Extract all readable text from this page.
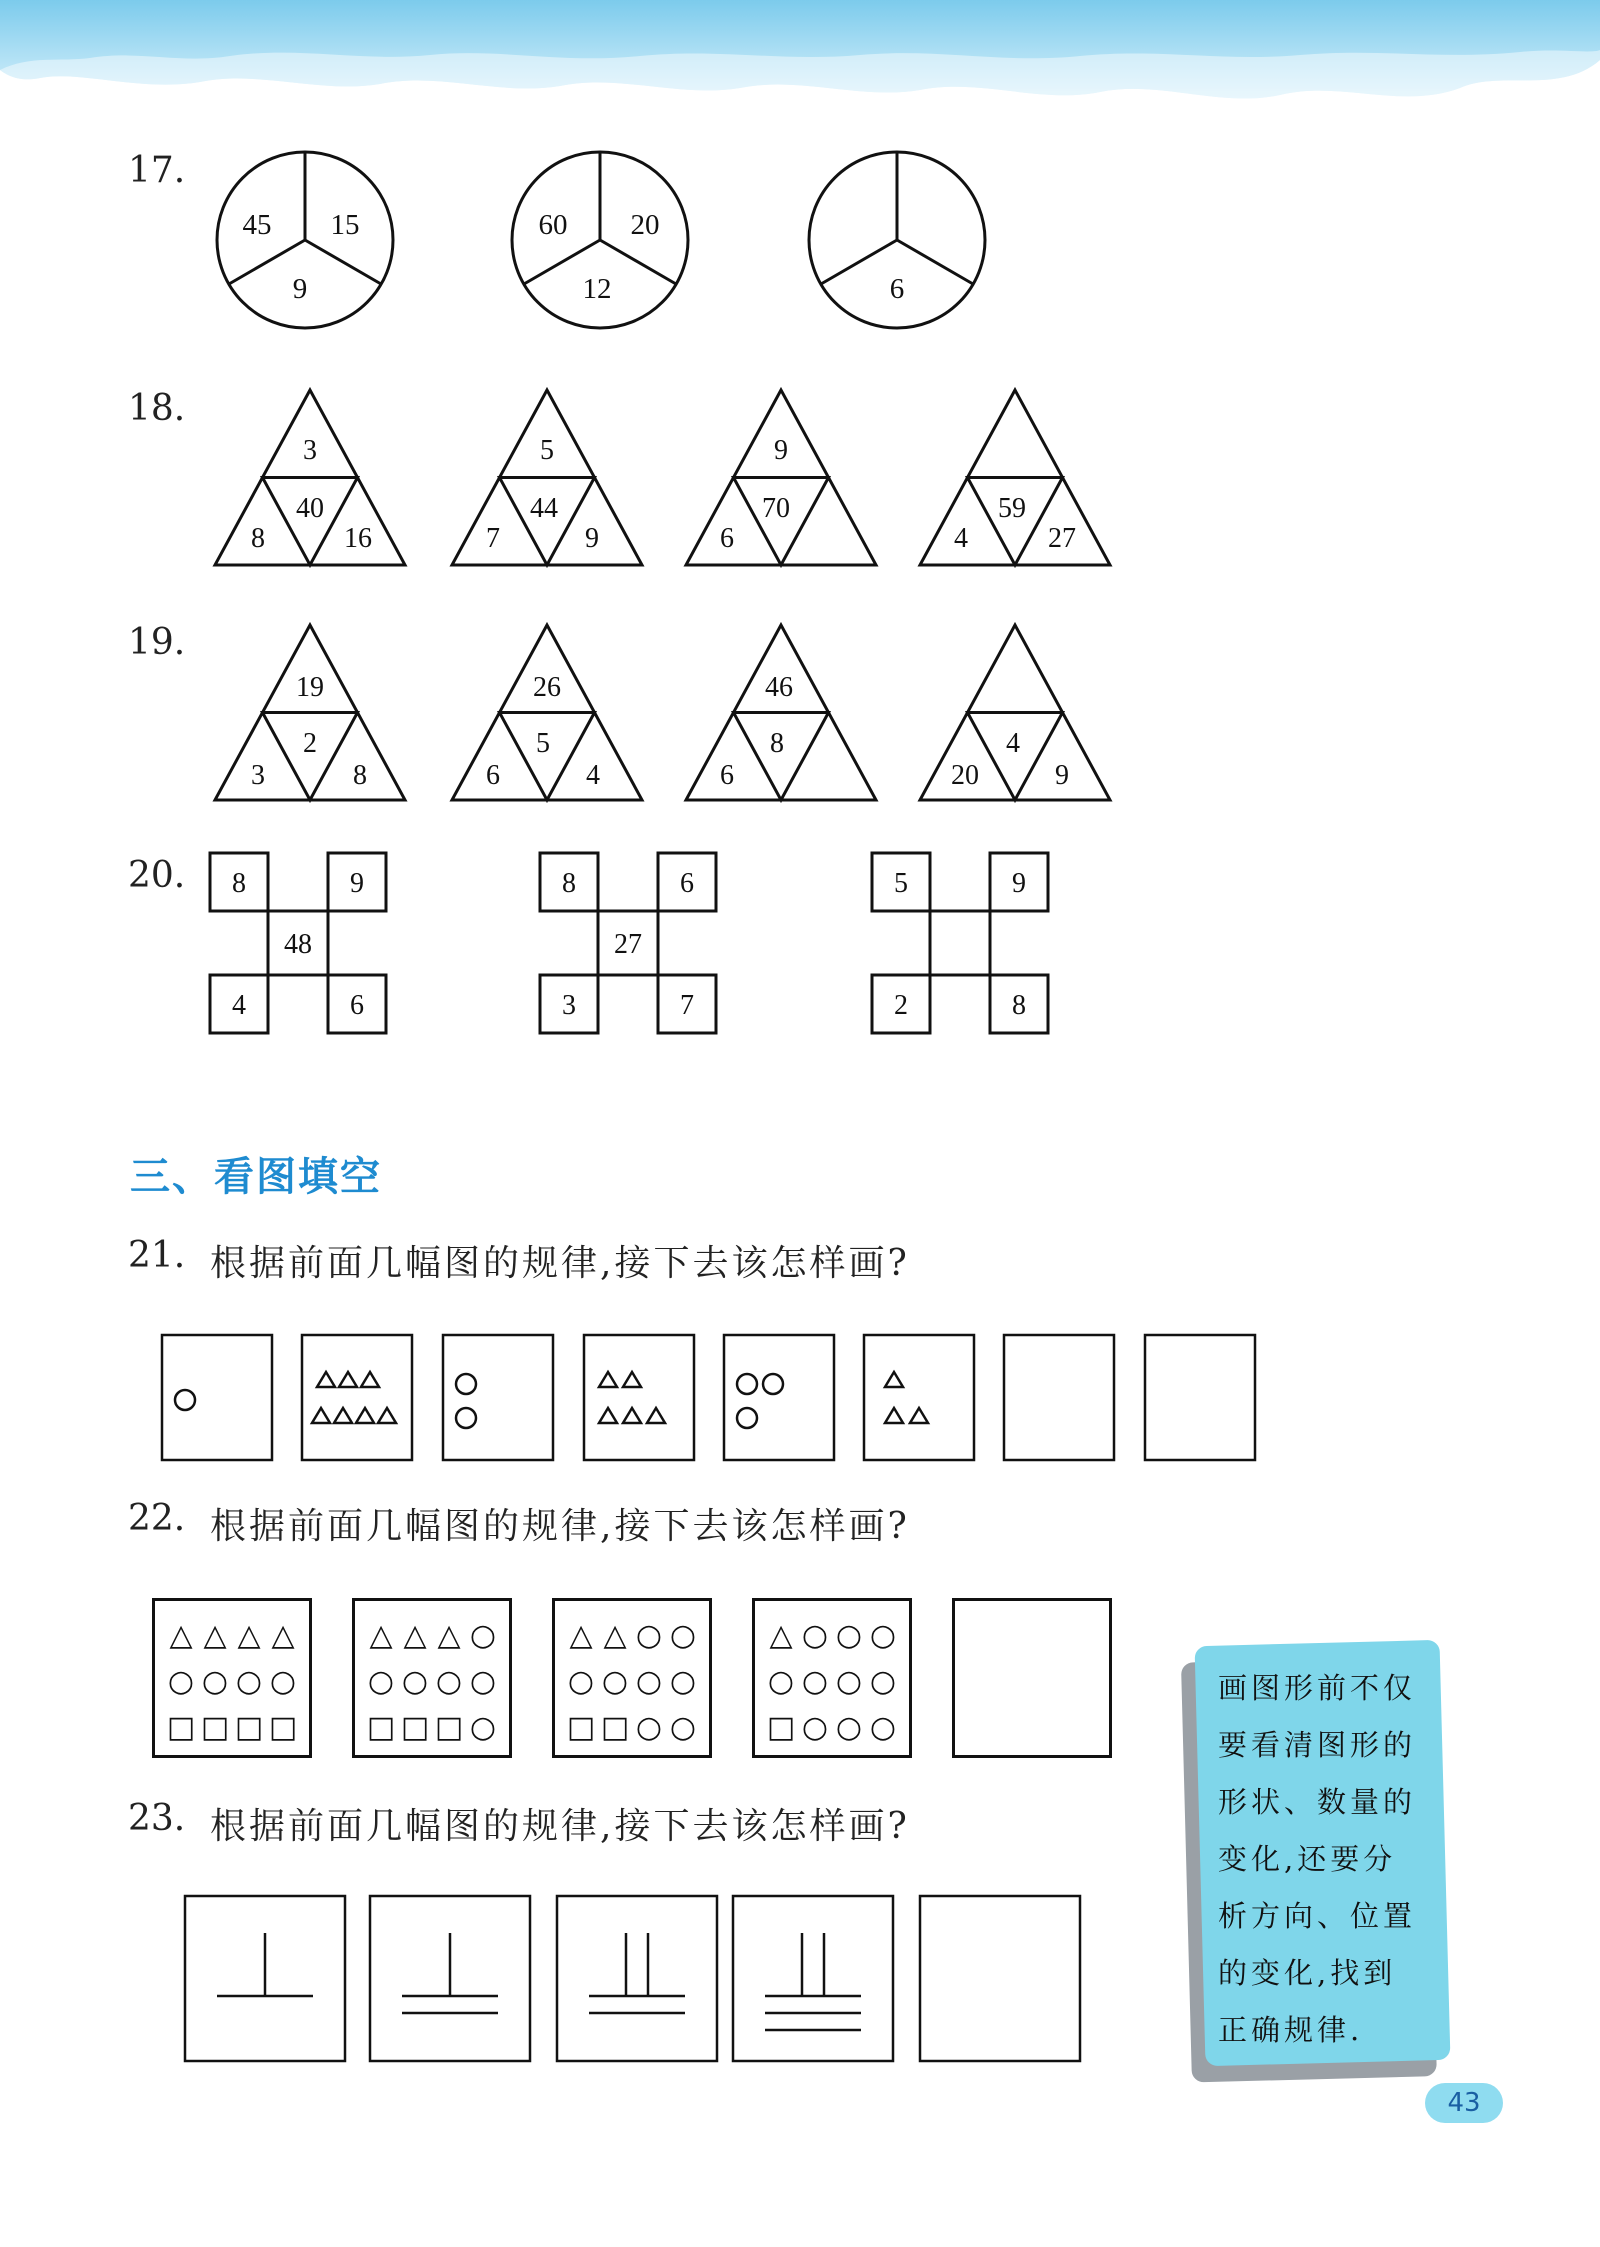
17.
45 15
9
60 20
12	6
18.
3
40
8	16
5
44
7	9
9
70
6
59
4	27
19.
19
2
3	8
26
5
6	4
46
8
6
4
20	9
20. 8	9
48
4	6
8	6
27
3	7
5	9
2	8
三、看图填空
21. 根据前面几幅图的规律,接下去该怎样画?
22. 根据前面几幅图的规律,接下去该怎样画?
△ △ △ △
○ ○ ○ ○
□ □ □ □
△ △ △ ○
○ ○ ○ ○
□ □ □ ○
△ △ ○ ○
○ ○ ○ ○
□ □ ○ ○
△ ○ ○ ○
○ ○ ○ ○
□ ○ ○ ○
23. 根据前面几幅图的规律,接下去该怎样画?
画图形前不仅
要看清图形的
形状、数量的
变化,还要分
析方向、位置
的变化,找到
正确规律.
43
